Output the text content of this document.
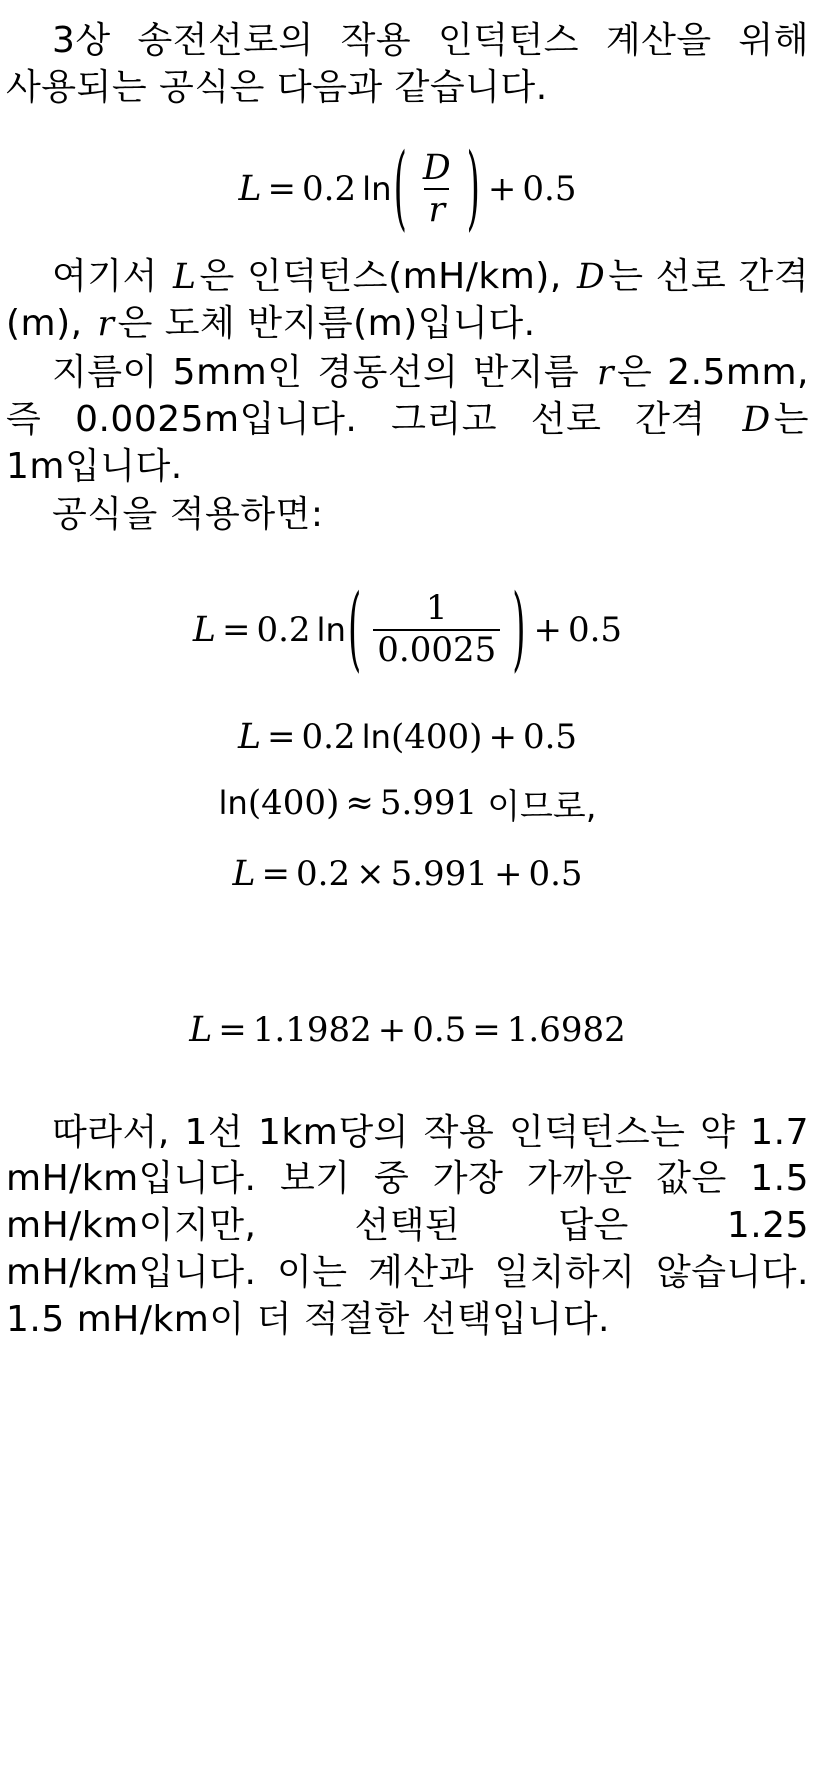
3상 송전선로의 작용 인덕턴스 계산을 위해 사용되는 공식은 다음과 같습니다.

L = 0.2 ln ( $\frac{D}{r}$ ) + 0.5

여기서 L은 인덕턴스(mH/km), D는 선로 간격(m), r은 도체 반지름(m)입니다.

지름이 5mm인 경동선의 반지름 r은 2.5mm, 즉 0.0025m입니다. 그리고 선로 간격 D는 1m입니다.

공식을 적용하면:

L = 0.2 ln ( $\frac{1}{0.0025}$ ) + 0.5
L = 0.2 ln (400) + 0.5
ln (400) ≈ 5.991 이므로,
L = 0.2 × 5.991 + 0.5
L = 1.1982 + 0.5 = 1.6982

따라서, 1선 1km당의 작용 인덕턴스는 약 1.7 mH/km입니다. 보기 중 가장 가까운 값은 1.5 mH/km이지만, 선택된 답은 1.25 mH/km입니다. 이는 계산과 일치하지 않습니다. 1.5 mH/km이 더 적절한 선택입니다.
